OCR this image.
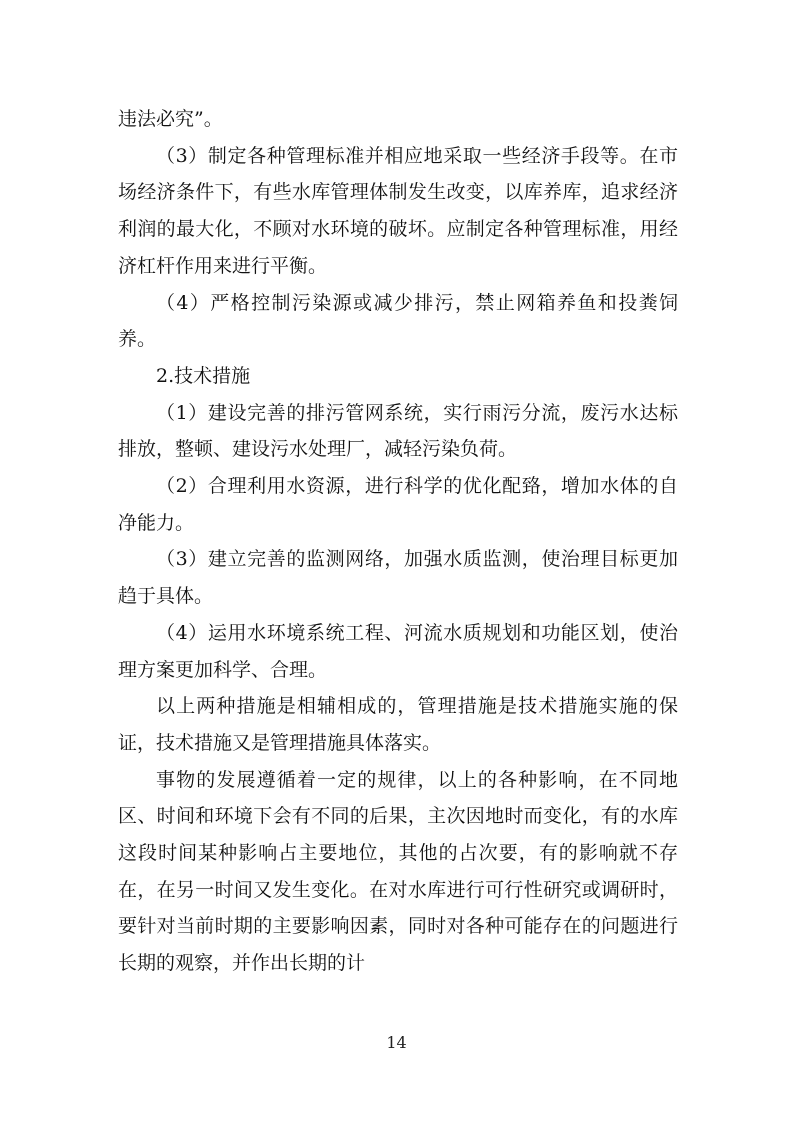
违法必究”。

（3）制定各种管理标准并相应地采取一些经济手段等。在市场经济条件下，有些水库管理体制发生改变，以库养库，追求经济利润的最大化，不顾对水环境的破坏。应制定各种管理标准，用经济杠杆作用来进行平衡。

（4）严格控制污染源或减少排污，禁止网箱养鱼和投粪饲养。

2.技术措施

（1）建设完善的排污管网系统，实行雨污分流，废污水达标排放，整顿、建设污水处理厂，减轻污染负荷。

（2）合理利用水资源，进行科学的优化配臵，增加水体的自净能力。

（3）建立完善的监测网络，加强水质监测，使治理目标更加趋于具体。

（4）运用水环境系统工程、河流水质规划和功能区划，使治理方案更加科学、合理。

以上两种措施是相辅相成的，管理措施是技术措施实施的保证，技术措施又是管理措施具体落实。

事物的发展遵循着一定的规律，以上的各种影响，在不同地区、时间和环境下会有不同的后果，主次因地时而变化，有的水库这段时间某种影响占主要地位，其他的占次要，有的影响就不存在，在另一时间又发生变化。在对水库进行可行性研究或调研时，要针对当前时期的主要影响因素，同时对各种可能存在的问题进行长期的观察，并作出长期的计

14
